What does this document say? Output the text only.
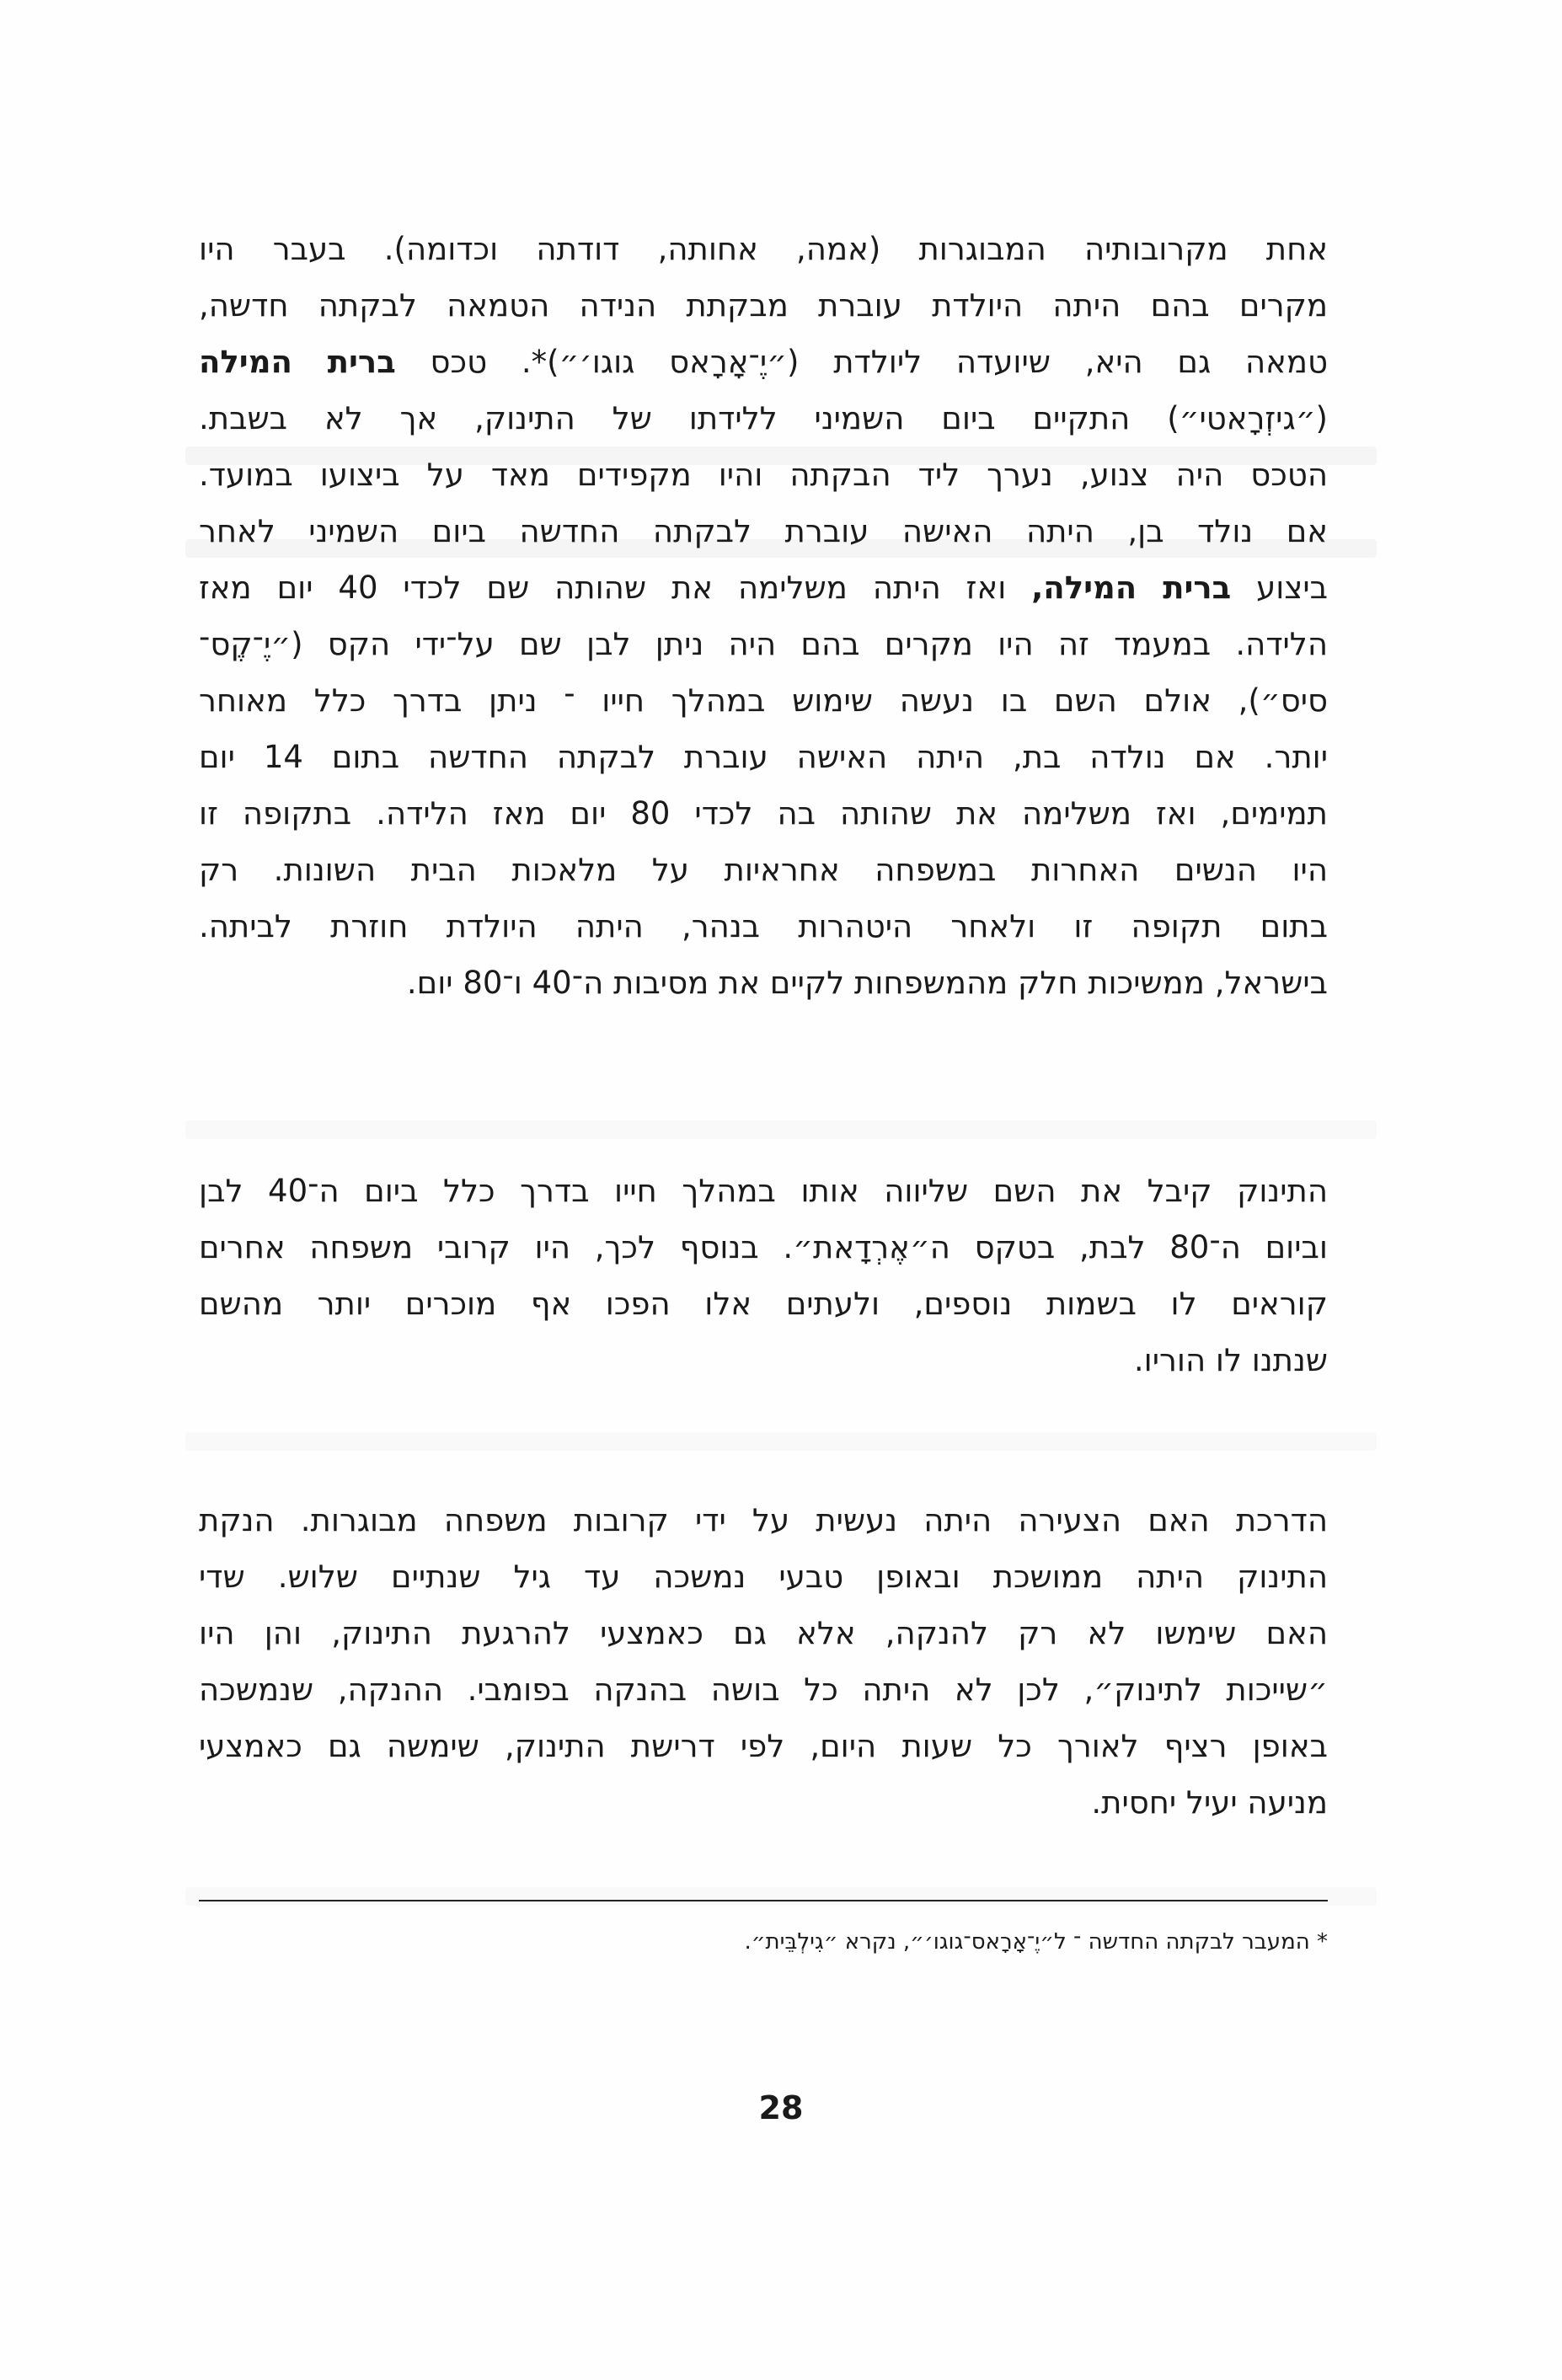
אחת מקרובותיה המבוגרות (אמה, אחותה, דודתה וכדומה). בעבר היו
מקרים בהם היתה היולדת עוברת מבקתת הנידה הטמאה לבקתה חדשה,
טמאה גם היא, שיועדה ליולדת (״יֶ־אָרָאס גוגו׳״)*. טכס ברית המילה
(״גיזְרָאטי״) התקיים ביום השמיני ללידתו של התינוק, אך לא בשבת.
הטכס היה צנוע, נערך ליד הבקתה והיו מקפידים מאד על ביצועו במועד.
אם נולד בן, היתה האישה עוברת לבקתה החדשה ביום השמיני לאחר
ביצוע ברית המילה, ואז היתה משלימה את שהותה שם לכדי 40 יום מאז
הלידה. במעמד זה היו מקרים בהם היה ניתן לבן שם על־ידי הקס (״יֶ־קֶס־
סיס״), אולם השם בו נעשה שימוש במהלך חייו ־ ניתן בדרך כלל מאוחר
יותר. אם נולדה בת, היתה האישה עוברת לבקתה החדשה בתום 14 יום
תמימים, ואז משלימה את שהותה בה לכדי 80 יום מאז הלידה. בתקופה זו
היו הנשים האחרות במשפחה אחראיות על מלאכות הבית השונות. רק
בתום תקופה זו ולאחר היטהרות בנהר, היתה היולדת חוזרת לביתה.
בישראל, ממשיכות חלק מהמשפחות לקיים את מסיבות ה־40 ו־80 יום.
התינוק קיבל את השם שליווה אותו במהלך חייו בדרך כלל ביום ה־40 לבן
וביום ה־80 לבת, בטקס ה״אֶרְדָאת״. בנוסף לכך, היו קרובי משפחה אחרים
קוראים לו בשמות נוספים, ולעתים אלו הפכו אף מוכרים יותר מהשם
שנתנו לו הוריו.
הדרכת האם הצעירה היתה נעשית על ידי קרובות משפחה מבוגרות. הנקת
התינוק היתה ממושכת ובאופן טבעי נמשכה עד גיל שנתיים שלוש. שדי
האם שימשו לא רק להנקה, אלא גם כאמצעי להרגעת התינוק, והן היו
״שייכות לתינוק״, לכן לא היתה כל בושה בהנקה בפומבי. ההנקה, שנמשכה
באופן רציף לאורך כל שעות היום, לפי דרישת התינוק, שימשה גם כאמצעי
מניעה יעיל יחסית.
* המעבר לבקתה החדשה ־ ל״יֶ־אָרָאס־גוגו׳״, נקרא ״גִילְבֵּית״.
28
